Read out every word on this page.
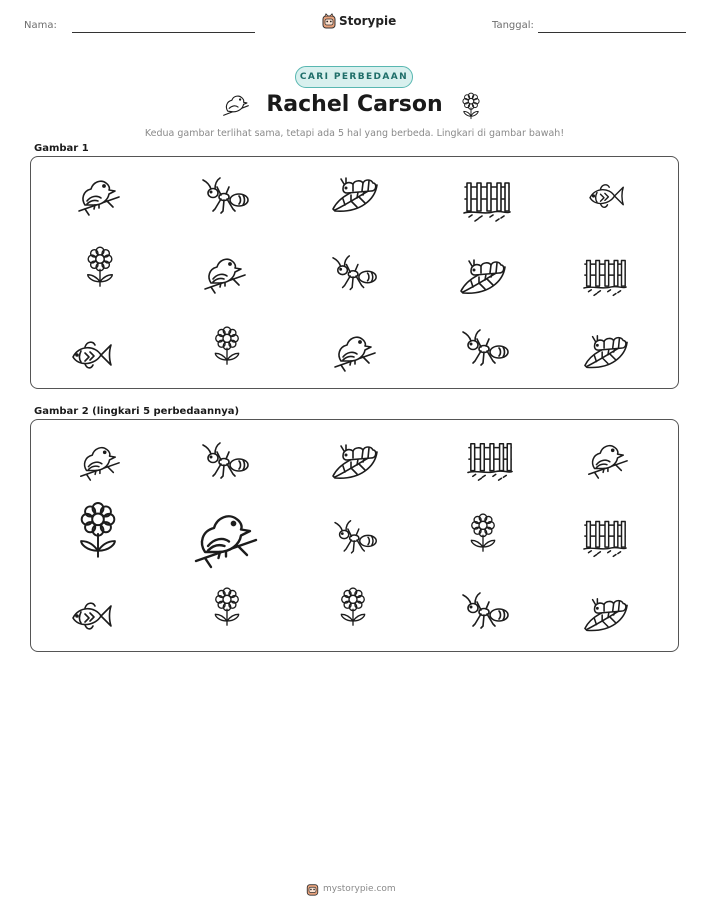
Nama:	Storypie	Tanggal:
CARI PERBEDAAN
Rachel Carson
Kedua gambar terlihat sama, tetapi ada 5 hal yang berbeda. Lingkari di gambar bawah!
Gambar 1
Gambar 2 (lingkari 5 perbedaannya)
mystorypie.com
